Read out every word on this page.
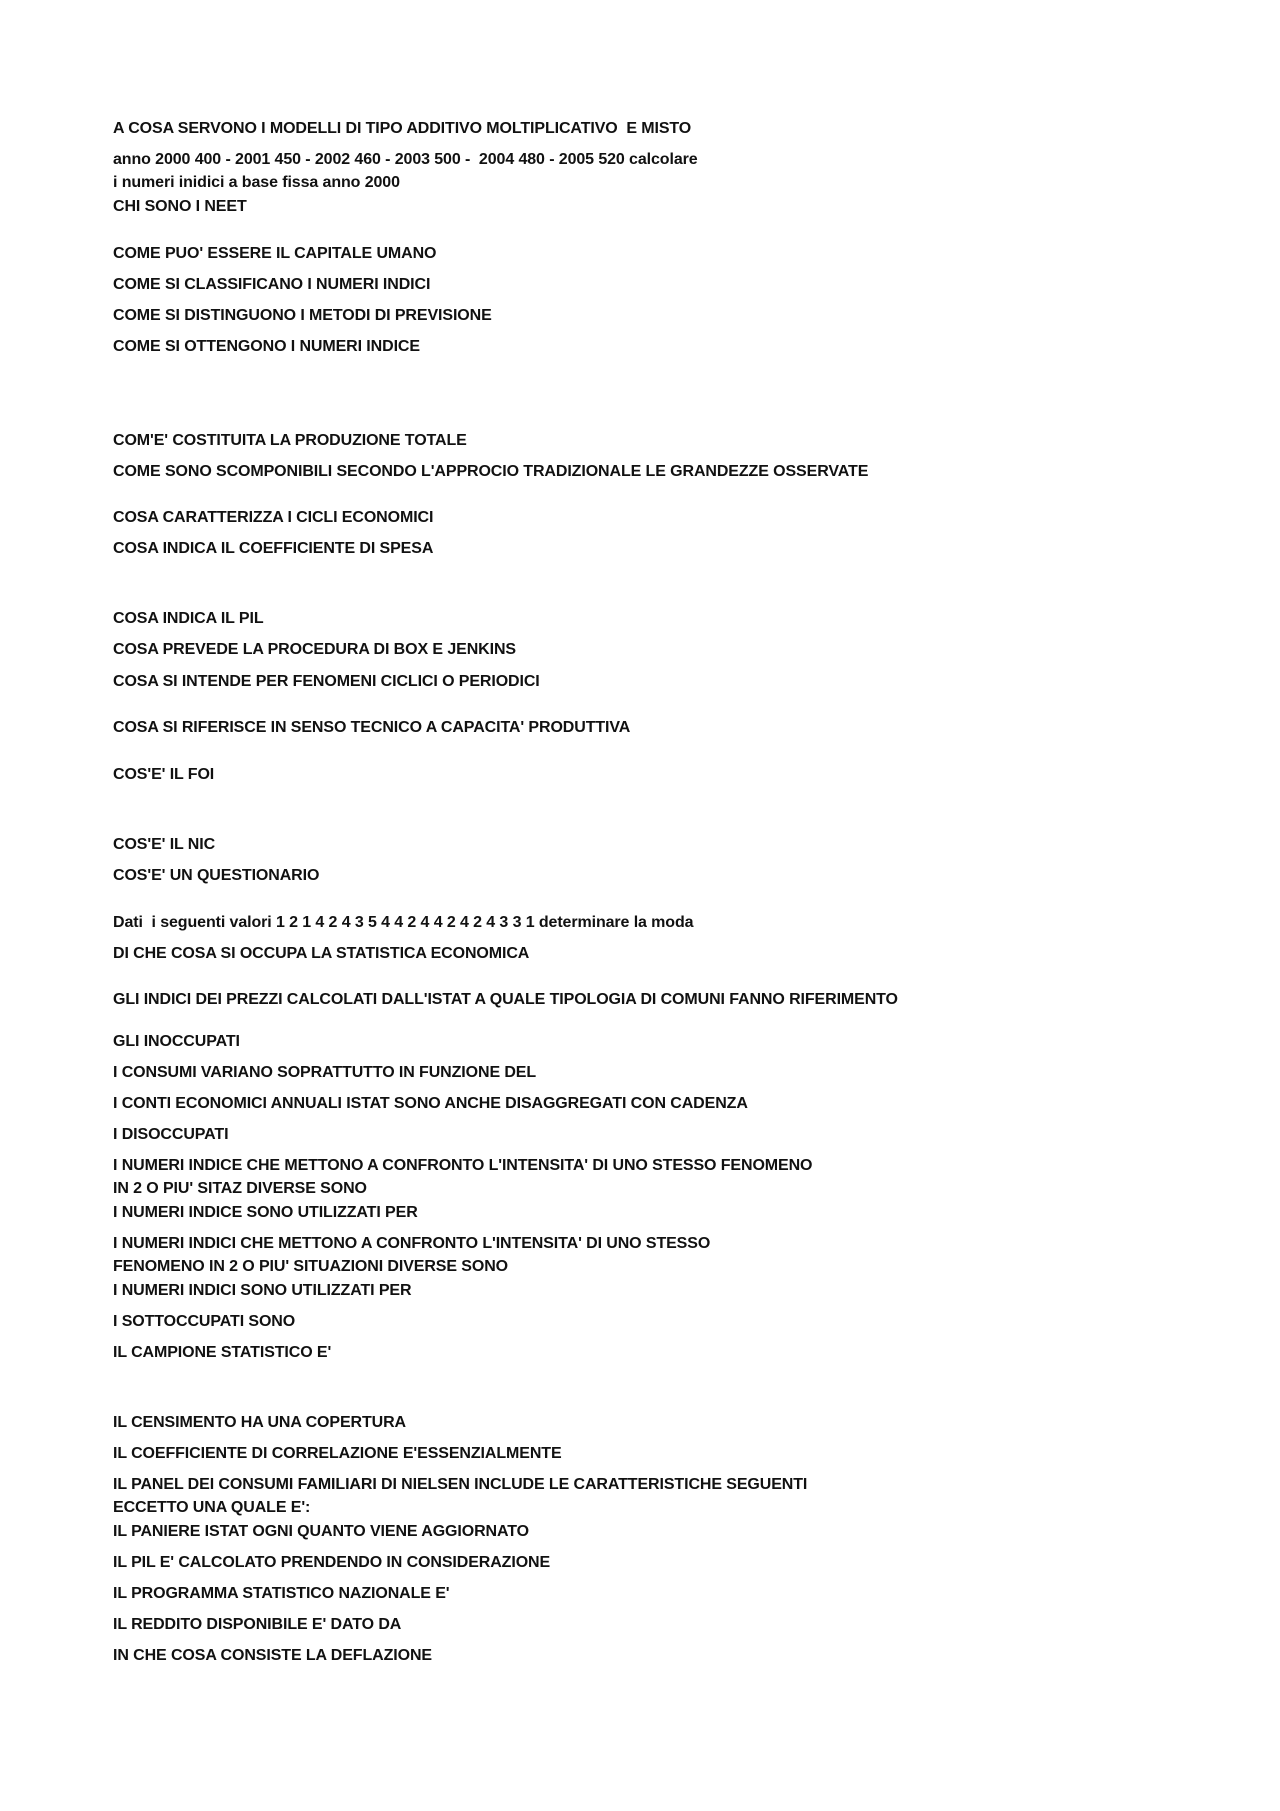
A COSA SERVONO I MODELLI DI TIPO ADDITIVO MOLTIPLICATIVO  E MISTO
anno 2000 400 - 2001 450 - 2002 460 - 2003 500 -  2004 480 - 2005 520 calcolare
i numeri inidici a base fissa anno 2000
CHI SONO I NEET
COME PUO' ESSERE IL CAPITALE UMANO
COME SI CLASSIFICANO I NUMERI INDICI
COME SI DISTINGUONO I METODI DI PREVISIONE
COME SI OTTENGONO I NUMERI INDICE
COM'E' COSTITUITA LA PRODUZIONE TOTALE
COME SONO SCOMPONIBILI SECONDO L'APPROCIO TRADIZIONALE LE GRANDEZZE OSSERVATE
COSA CARATTERIZZA I CICLI ECONOMICI
COSA INDICA IL COEFFICIENTE DI SPESA
COSA INDICA IL PIL
COSA PREVEDE LA PROCEDURA DI BOX E JENKINS
COSA SI INTENDE PER FENOMENI CICLICI O PERIODICI
COSA SI RIFERISCE IN SENSO TECNICO A CAPACITA' PRODUTTIVA
COS'E' IL FOI
COS'E' IL NIC
COS'E' UN QUESTIONARIO
Dati  i seguenti valori 1 2 1 4 2 4 3 5 4 4 2 4 4 2 4 2 4 3 3 1 determinare la moda
DI CHE COSA SI OCCUPA LA STATISTICA ECONOMICA
GLI INDICI DEI PREZZI CALCOLATI DALL'ISTAT A QUALE TIPOLOGIA DI COMUNI FANNO RIFERIMENTO
GLI INOCCUPATI
I CONSUMI VARIANO SOPRATTUTTO IN FUNZIONE DEL
I CONTI ECONOMICI ANNUALI ISTAT SONO ANCHE DISAGGREGATI CON CADENZA
I DISOCCUPATI
I NUMERI INDICE CHE METTONO A CONFRONTO L'INTENSITA' DI UNO STESSO FENOMENO
IN 2 O PIU' SITAZ DIVERSE SONO
I NUMERI INDICE SONO UTILIZZATI PER
I NUMERI INDICI CHE METTONO A CONFRONTO L'INTENSITA' DI UNO STESSO
FENOMENO IN 2 O PIU' SITUAZIONI DIVERSE SONO
I NUMERI INDICI SONO UTILIZZATI PER
I SOTTOCCUPATI SONO
IL CAMPIONE STATISTICO E'
IL CENSIMENTO HA UNA COPERTURA
IL COEFFICIENTE DI CORRELAZIONE E'ESSENZIALMENTE
IL PANEL DEI CONSUMI FAMILIARI DI NIELSEN INCLUDE LE CARATTERISTICHE SEGUENTI
ECCETTO UNA QUALE E':
IL PANIERE ISTAT OGNI QUANTO VIENE AGGIORNATO
IL PIL E' CALCOLATO PRENDENDO IN CONSIDERAZIONE
IL PROGRAMMA STATISTICO NAZIONALE E'
IL REDDITO DISPONIBILE E' DATO DA
IN CHE COSA CONSISTE LA DEFLAZIONE
